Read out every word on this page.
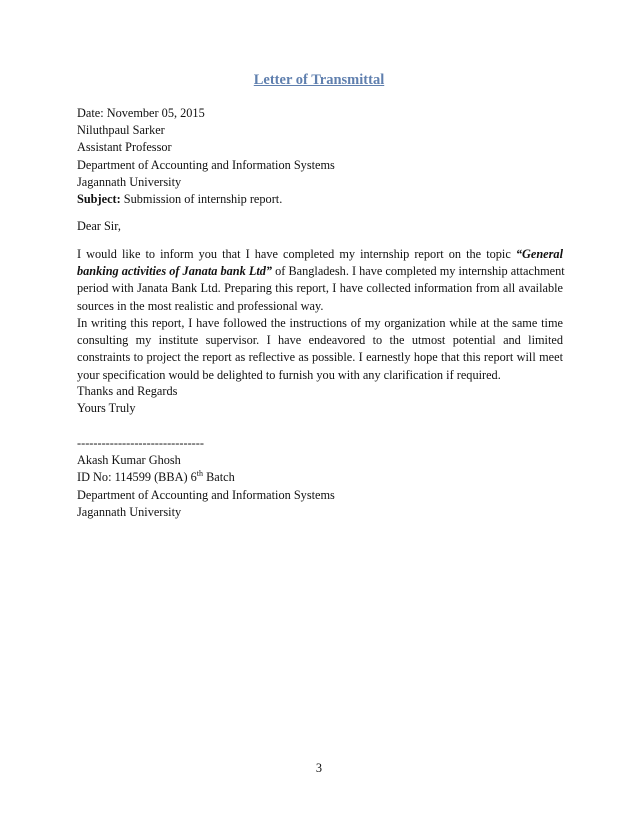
Letter of Transmittal
Date: November 05, 2015
Niluthpaul Sarker
Assistant Professor
Department of Accounting and Information Systems
Jagannath University
Subject: Submission of internship report.
Dear Sir,
I would like to inform you that I have completed my internship report on the topic “General
banking activities of Janata bank Ltd” of Bangladesh. I have completed my internship attachment
period with Janata Bank Ltd. Preparing this report, I have collected information from all available
sources in the most realistic and professional way.
In writing this report, I have followed the instructions of my organization while at the same time
consulting my institute supervisor. I have endeavored to the utmost potential and limited
constraints to project the report as reflective as possible. I earnestly hope that this report will meet
your specification would be delighted to furnish you with any clarification if required.
Thanks and Regards
Yours Truly
-------------------------------
Akash Kumar Ghosh
ID No: 114599 (BBA) 6th Batch
Department of Accounting and Information Systems
Jagannath University
3
